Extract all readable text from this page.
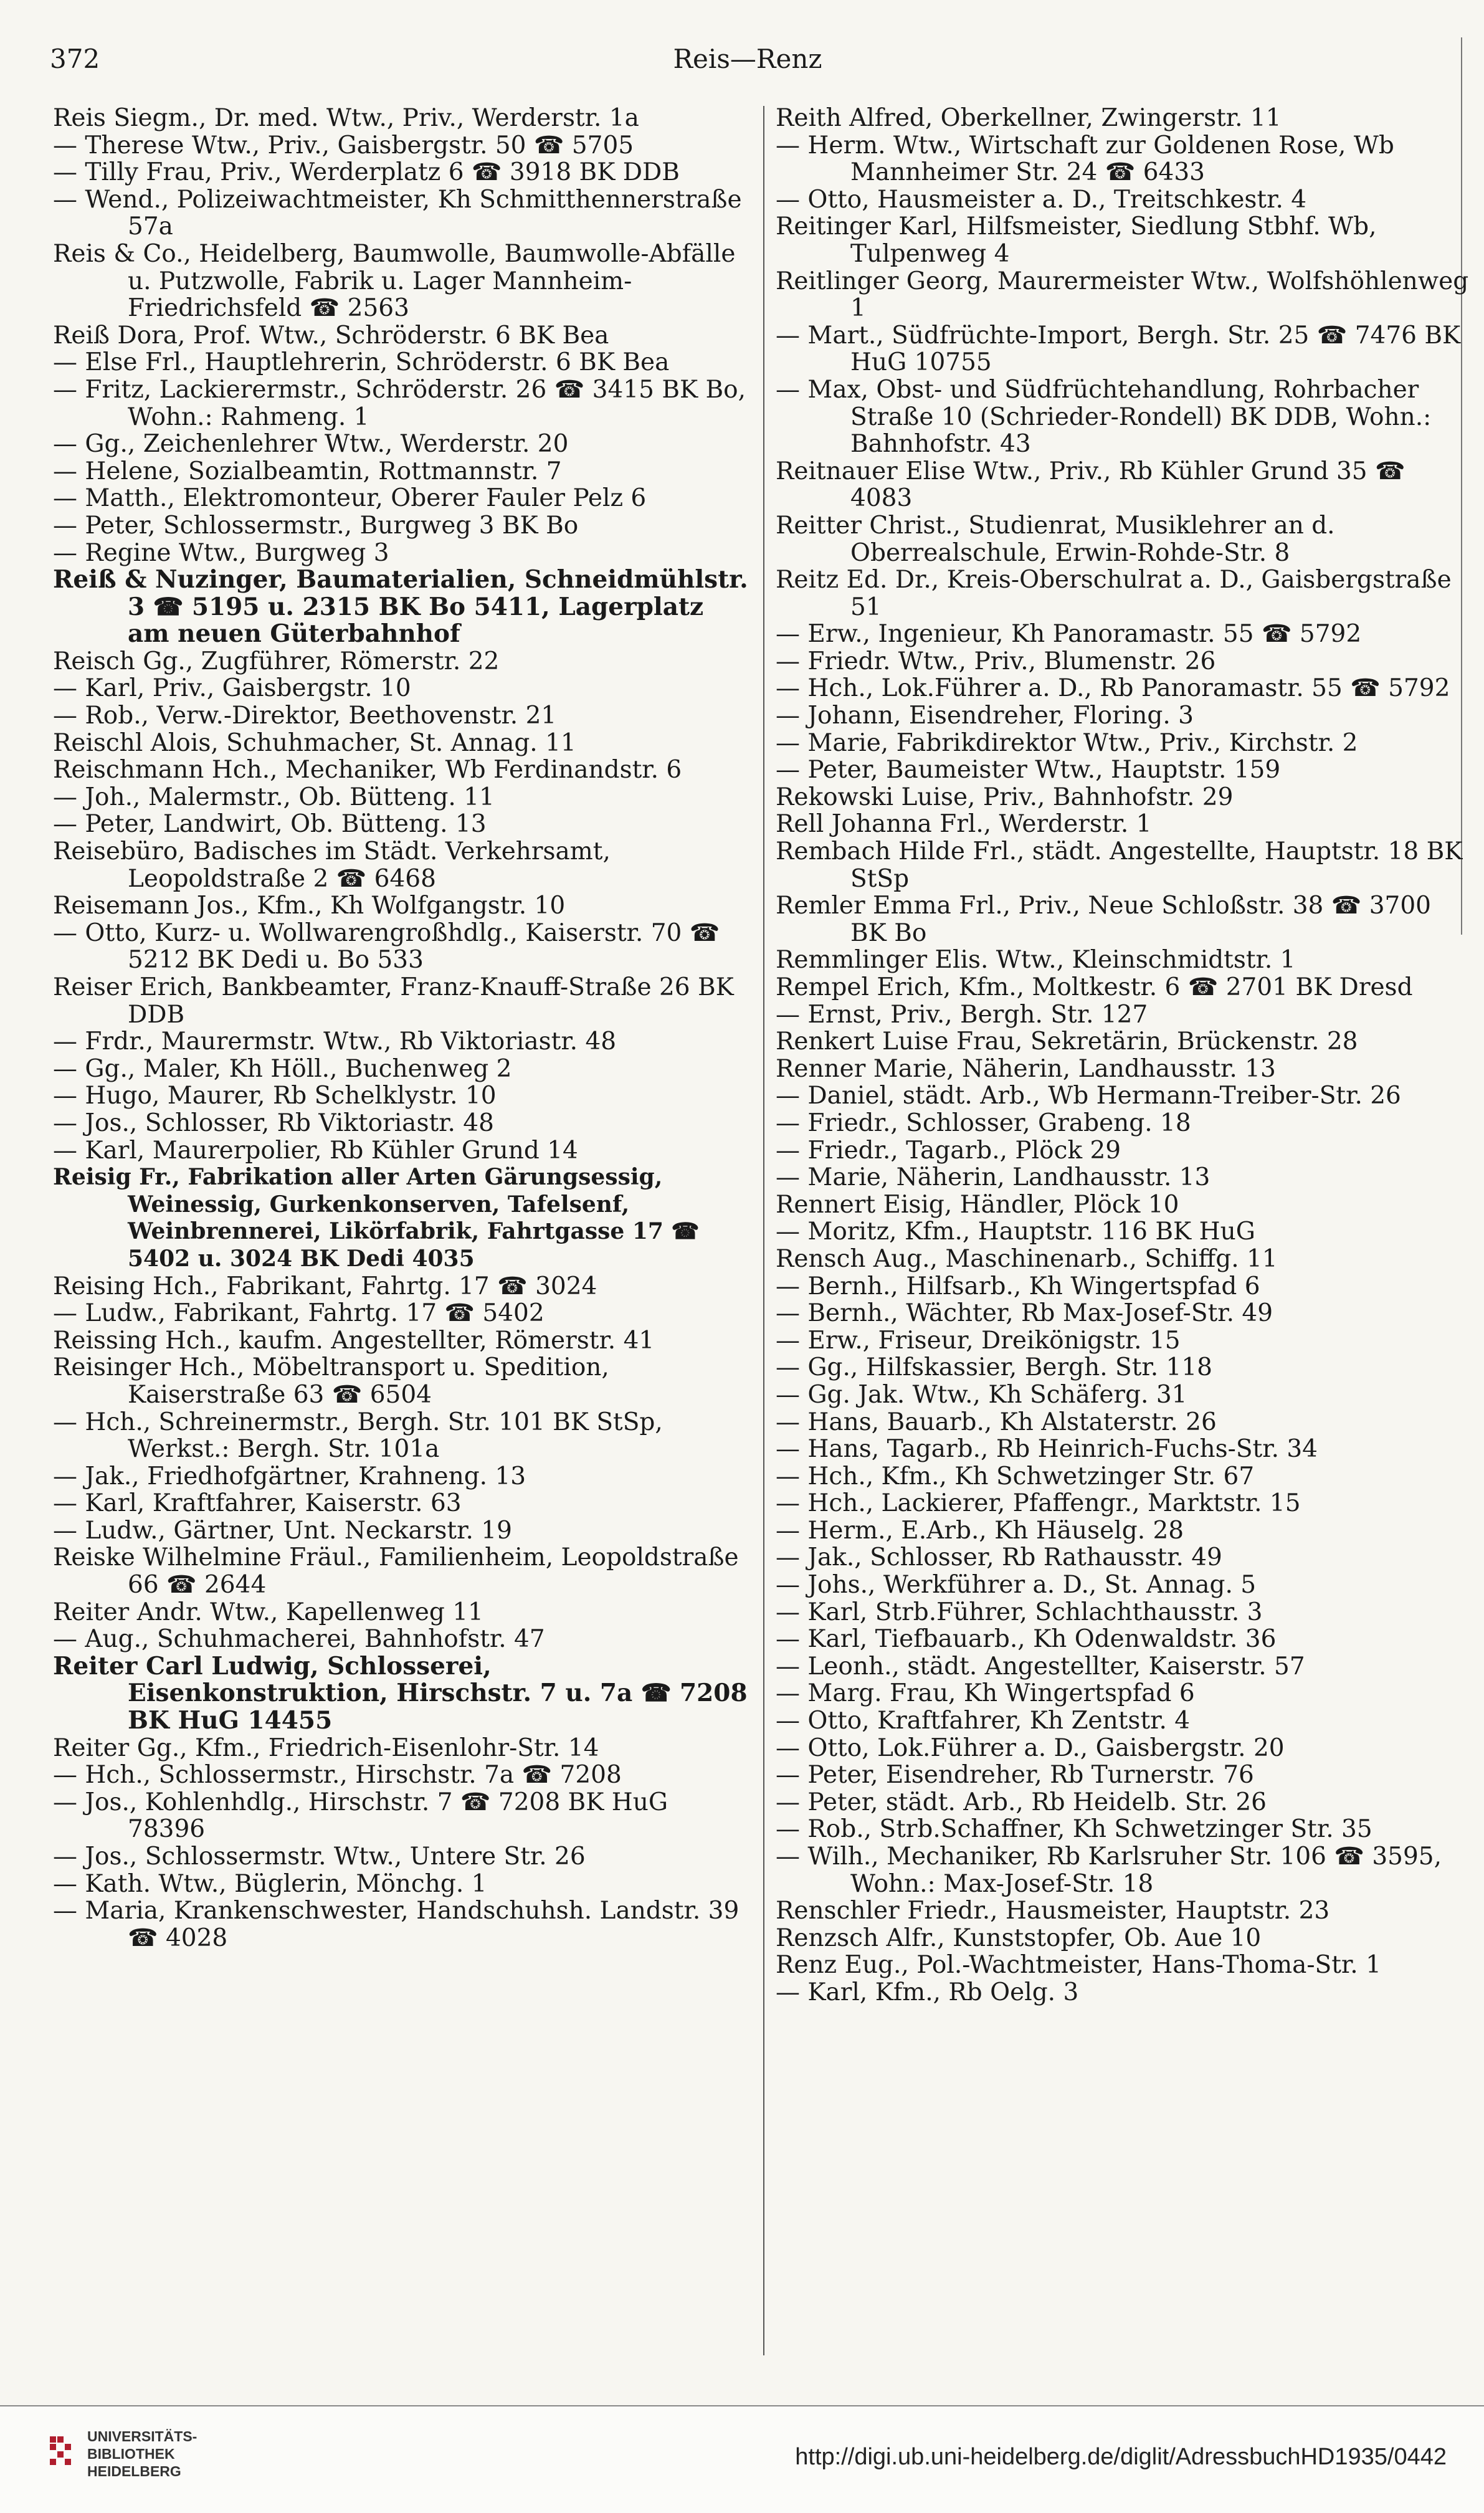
372	Reis—Renz
Reis Siegm., Dr. med. Wtw., Priv., Werderstr. 1a
— Therese Wtw., Priv., Gaisbergstr. 50 ☎ 5705
— Tilly Frau, Priv., Werderplatz 6 ☎ 3918 BK DDB
— Wend., Polizeiwachtmeister, Kh Schmitthennerstraße 57a
Reis & Co., Heidelberg, Baumwolle, Baumwolle-Abfälle u. Putzwolle, Fabrik u. Lager Mannheim-Friedrichsfeld ☎ 2563
Reiß Dora, Prof. Wtw., Schröderstr. 6 BK Bea
— Else Frl., Hauptlehrerin, Schröderstr. 6 BK Bea
— Fritz, Lackierermstr., Schröderstr. 26 ☎ 3415 BK Bo, Wohn.: Rahmeng. 1
— Gg., Zeichenlehrer Wtw., Werderstr. 20
— Helene, Sozialbeamtin, Rottmannstr. 7
— Matth., Elektromonteur, Oberer Fauler Pelz 6
— Peter, Schlossermstr., Burgweg 3 BK Bo
— Regine Wtw., Burgweg 3
Reiß & Nuzinger, Baumaterialien, Schneidmühlstr. 3 ☎ 5195 u. 2315 BK Bo 5411, Lagerplatz am neuen Güterbahnhof
Reisch Gg., Zugführer, Römerstr. 22
— Karl, Priv., Gaisbergstr. 10
— Rob., Verw.-Direktor, Beethovenstr. 21
Reischl Alois, Schuhmacher, St. Annag. 11
Reischmann Hch., Mechaniker, Wb Ferdinandstr. 6
— Joh., Malermstr., Ob. Bütteng. 11
— Peter, Landwirt, Ob. Bütteng. 13
Reisebüro, Badisches im Städt. Verkehrsamt, Leopoldstraße 2 ☎ 6468
Reisemann Jos., Kfm., Kh Wolfgangstr. 10
— Otto, Kurz- u. Wollwarengroßhdlg., Kaiserstr. 70 ☎ 5212 BK Dedi u. Bo 533
Reiser Erich, Bankbeamter, Franz-Knauff-Straße 26 BK DDB
— Frdr., Maurermstr. Wtw., Rb Viktoriastr. 48
— Gg., Maler, Kh Höll., Buchenweg 2
— Hugo, Maurer, Rb Schelklystr. 10
— Jos., Schlosser, Rb Viktoriastr. 48
— Karl, Maurerpolier, Rb Kühler Grund 14
Reisig Fr., Fabrikation aller Arten Gärungsessig, Weinessig, Gurkenkonserven, Tafelsenf, Weinbrennerei, Likörfabrik, Fahrtgasse 17 ☎ 5402 u. 3024 BK Dedi 4035
Reising Hch., Fabrikant, Fahrtg. 17 ☎ 3024
— Ludw., Fabrikant, Fahrtg. 17 ☎ 5402
Reissing Hch., kaufm. Angestellter, Römerstr. 41
Reisinger Hch., Möbeltransport u. Spedition, Kaiserstraße 63 ☎ 6504
— Hch., Schreinermstr., Bergh. Str. 101 BK StSp, Werkst.: Bergh. Str. 101a
— Jak., Friedhofgärtner, Krahneng. 13
— Karl, Kraftfahrer, Kaiserstr. 63
— Ludw., Gärtner, Unt. Neckarstr. 19
Reiske Wilhelmine Fräul., Familienheim, Leopoldstraße 66 ☎ 2644
Reiter Andr. Wtw., Kapellenweg 11
— Aug., Schuhmacherei, Bahnhofstr. 47
Reiter Carl Ludwig, Schlosserei, Eisenkonstruktion, Hirschstr. 7 u. 7a ☎ 7208 BK HuG 14455
Reiter Gg., Kfm., Friedrich-Eisenlohr-Str. 14
— Hch., Schlossermstr., Hirschstr. 7a ☎ 7208
— Jos., Kohlenhdlg., Hirschstr. 7 ☎ 7208 BK HuG 78396
— Jos., Schlossermstr. Wtw., Untere Str. 26
— Kath. Wtw., Büglerin, Mönchg. 1
— Maria, Krankenschwester, Handschuhsh. Landstr. 39 ☎ 4028
Reith Alfred, Oberkellner, Zwingerstr. 11
— Herm. Wtw., Wirtschaft zur Goldenen Rose, Wb Mannheimer Str. 24 ☎ 6433
— Otto, Hausmeister a. D., Treitschkestr. 4
Reitinger Karl, Hilfsmeister, Siedlung Stbhf. Wb, Tulpenweg 4
Reitlinger Georg, Maurermeister Wtw., Wolfshöhlenweg 1
— Mart., Südfrüchte-Import, Bergh. Str. 25 ☎ 7476 BK HuG 10755
— Max, Obst- und Südfrüchtehandlung, Rohrbacher Straße 10 (Schrieder-Rondell) BK DDB, Wohn.: Bahnhofstr. 43
Reitnauer Elise Wtw., Priv., Rb Kühler Grund 35 ☎ 4083
Reitter Christ., Studienrat, Musiklehrer an d. Oberrealschule, Erwin-Rohde-Str. 8
Reitz Ed. Dr., Kreis-Oberschulrat a. D., Gaisbergstraße 51
— Erw., Ingenieur, Kh Panoramastr. 55 ☎ 5792
— Friedr. Wtw., Priv., Blumenstr. 26
— Hch., Lok.Führer a. D., Rb Panoramastr. 55 ☎ 5792
— Johann, Eisendreher, Floring. 3
— Marie, Fabrikdirektor Wtw., Priv., Kirchstr. 2
— Peter, Baumeister Wtw., Hauptstr. 159
Rekowski Luise, Priv., Bahnhofstr. 29
Rell Johanna Frl., Werderstr. 1
Rembach Hilde Frl., städt. Angestellte, Hauptstr. 18 BK StSp
Remler Emma Frl., Priv., Neue Schloßstr. 38 ☎ 3700 BK Bo
Remmlinger Elis. Wtw., Kleinschmidtstr. 1
Rempel Erich, Kfm., Moltkestr. 6 ☎ 2701 BK Dresd
— Ernst, Priv., Bergh. Str. 127
Renkert Luise Frau, Sekretärin, Brückenstr. 28
Renner Marie, Näherin, Landhausstr. 13
— Daniel, städt. Arb., Wb Hermann-Treiber-Str. 26
— Friedr., Schlosser, Grabeng. 18
— Friedr., Tagarb., Plöck 29
— Marie, Näherin, Landhausstr. 13
Rennert Eisig, Händler, Plöck 10
— Moritz, Kfm., Hauptstr. 116 BK HuG
Rensch Aug., Maschinenarb., Schiffg. 11
— Bernh., Hilfsarb., Kh Wingertspfad 6
— Bernh., Wächter, Rb Max-Josef-Str. 49
— Erw., Friseur, Dreikönigstr. 15
— Gg., Hilfskassier, Bergh. Str. 118
— Gg. Jak. Wtw., Kh Schäferg. 31
— Hans, Bauarb., Kh Alstaterstr. 26
— Hans, Tagarb., Rb Heinrich-Fuchs-Str. 34
— Hch., Kfm., Kh Schwetzinger Str. 67
— Hch., Lackierer, Pfaffengr., Marktstr. 15
— Herm., E.Arb., Kh Häuselg. 28
— Jak., Schlosser, Rb Rathausstr. 49
— Johs., Werkführer a. D., St. Annag. 5
— Karl, Strb.Führer, Schlachthausstr. 3
— Karl, Tiefbauarb., Kh Odenwaldstr. 36
— Leonh., städt. Angestellter, Kaiserstr. 57
— Marg. Frau, Kh Wingertspfad 6
— Otto, Kraftfahrer, Kh Zentstr. 4
— Otto, Lok.Führer a. D., Gaisbergstr. 20
— Peter, Eisendreher, Rb Turnerstr. 76
— Peter, städt. Arb., Rb Heidelb. Str. 26
— Rob., Strb.Schaffner, Kh Schwetzinger Str. 35
— Wilh., Mechaniker, Rb Karlsruher Str. 106 ☎ 3595, Wohn.: Max-Josef-Str. 18
Renschler Friedr., Hausmeister, Hauptstr. 23
Renzsch Alfr., Kunststopfer, Ob. Aue 10
Renz Eug., Pol.-Wachtmeister, Hans-Thoma-Str. 1
— Karl, Kfm., Rb Oelg. 3
UNIVERSITÄTS-
BIBLIOTHEK
HEIDELBERG
http://digi.ub.uni-heidelberg.de/diglit/AdressbuchHD1935/0442
